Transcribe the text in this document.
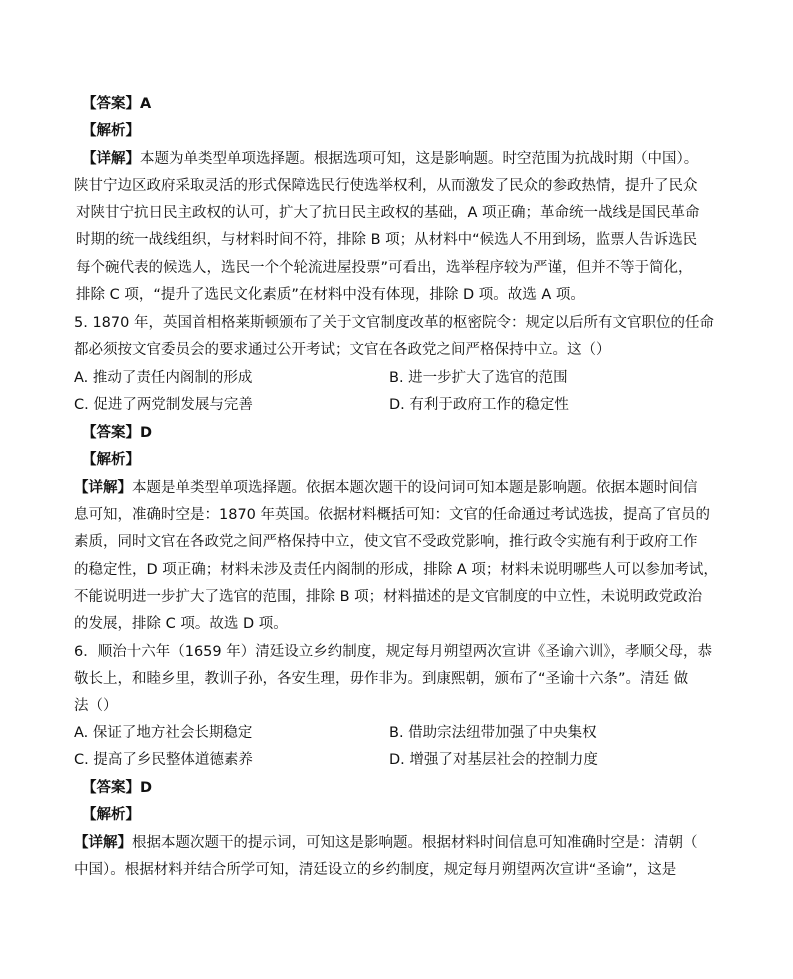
【答案】A
【解析】
【详解】本题为单类型单项选择题。根据选项可知，这是影响题。时空范围为抗战时期（中国）。
陕甘宁边区政府采取灵活的形式保障选民行使选举权利，从而激发了民众的参政热情，提升了民众
对陕甘宁抗日民主政权的认可，扩大了抗日民主政权的基础，A 项正确；革命统一战线是国民革命
时期的统一战线组织，与材料时间不符，排除 B 项；从材料中“候选人不用到场，监票人告诉选民
每个碗代表的候选人，选民一个个轮流进屋投票”可看出，选举程序较为严谨，但并不等于简化，
排除 C 项，“提升了选民文化素质”在材料中没有体现，排除 D 项。故选 A 项。
5. 1870 年，英国首相格莱斯顿颁布了关于文官制度改革的枢密院令：规定以后所有文官职位的任命
都必须按文官委员会的要求通过公开考试；文官在各政党之间严格保持中立。这（）
A. 推动了责任内阁制的形成	B. 进一步扩大了选官的范围
C. 促进了两党制发展与完善	D. 有利于政府工作的稳定性
【答案】D
【解析】
【详解】本题是单类型单项选择题。依据本题次题干的设问词可知本题是影响题。依据本题时间信
息可知，准确时空是：1870 年英国。依据材料概括可知：文官的任命通过考试选拔，提高了官员的
素质，同时文官在各政党之间严格保持中立，使文官不受政党影响，推行政令实施有利于政府工作
的稳定性，D 项正确；材料未涉及责任内阁制的形成，排除 A 项；材料未说明哪些人可以参加考试，
不能说明进一步扩大了选官的范围，排除 B 项；材料描述的是文官制度的中立性，未说明政党政治
的发展，排除 C 项。故选 D 项。
6．顺治十六年（1659 年）清廷设立乡约制度，规定每月朔望两次宣讲《圣谕六训》，孝顺父母，恭
敬长上，和睦乡里，教训子孙，各安生理，毋作非为。到康熙朝，颁布了“圣谕十六条”。清廷 做
法（）
A. 保证了地方社会长期稳定	B. 借助宗法纽带加强了中央集权
C. 提高了乡民整体道德素养	D. 增强了对基层社会的控制力度
【答案】D
【解析】
【详解】根据本题次题干的提示词，可知这是影响题。根据材料时间信息可知准确时空是：清朝（
中国）。根据材料并结合所学可知，清廷设立的乡约制度，规定每月朔望两次宣讲“圣谕”，这是
